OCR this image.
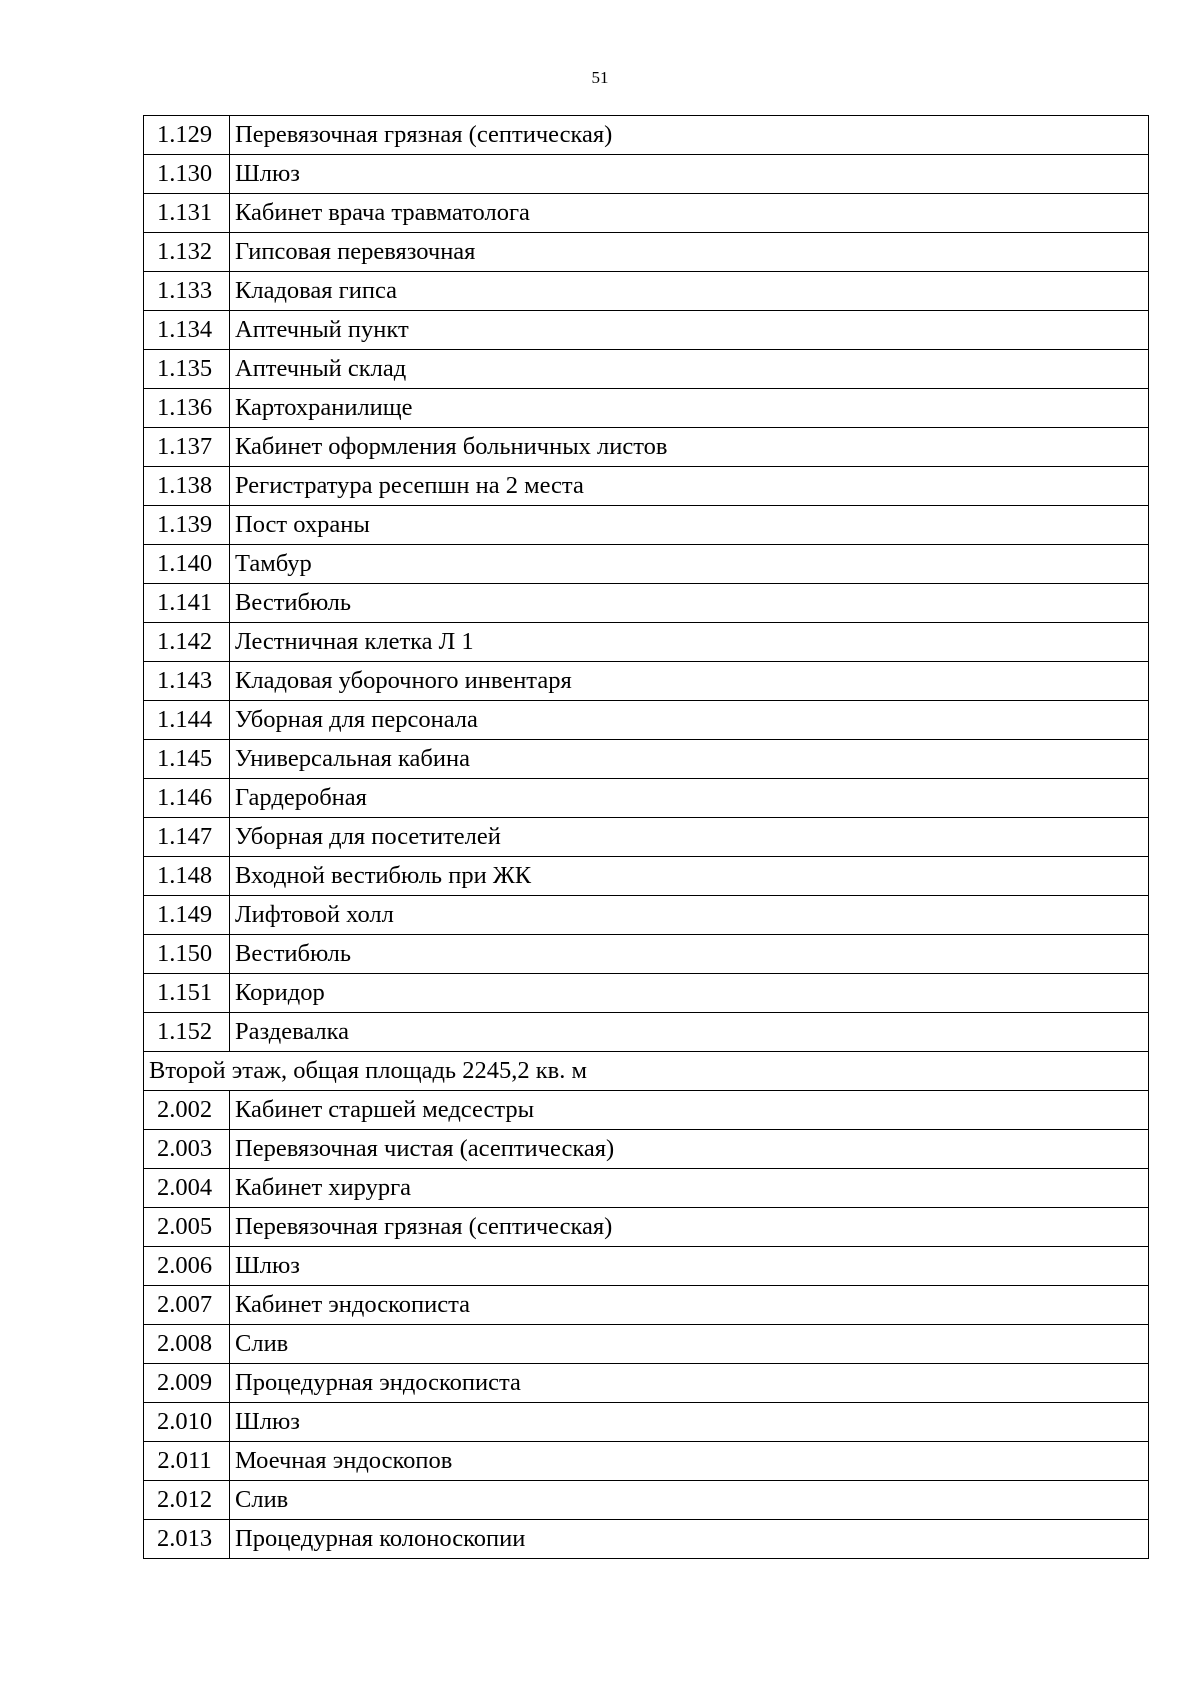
51
1.129	Перевязочная грязная (септическая)
1.130	Шлюз
1.131	Кабинет врача травматолога
1.132	Гипсовая перевязочная
1.133	Кладовая гипса
1.134	Аптечный пункт
1.135	Аптечный склад
1.136	Картохранилище
1.137	Кабинет оформления больничных листов
1.138	Регистратура ресепшн на 2 места
1.139	Пост охраны
1.140	Тамбур
1.141	Вестибюль
1.142	Лестничная клетка Л 1
1.143	Кладовая уборочного инвентаря
1.144	Уборная для персонала
1.145	Универсальная кабина
1.146	Гардеробная
1.147	Уборная для посетителей
1.148	Входной вестибюль при ЖК
1.149	Лифтовой холл
1.150	Вестибюль
1.151	Коридор
1.152	Раздевалка
Второй этаж, общая площадь 2245,2 кв. м	
2.002	Кабинет старшей медсестры
2.003	Перевязочная чистая (асептическая)
2.004	Кабинет хирурга
2.005	Перевязочная грязная (септическая)
2.006	Шлюз
2.007	Кабинет эндоскописта
2.008	Слив
2.009	Процедурная эндоскописта
2.010	Шлюз
2.011	Моечная эндоскопов
2.012	Слив
2.013	Процедурная колоноскопии
